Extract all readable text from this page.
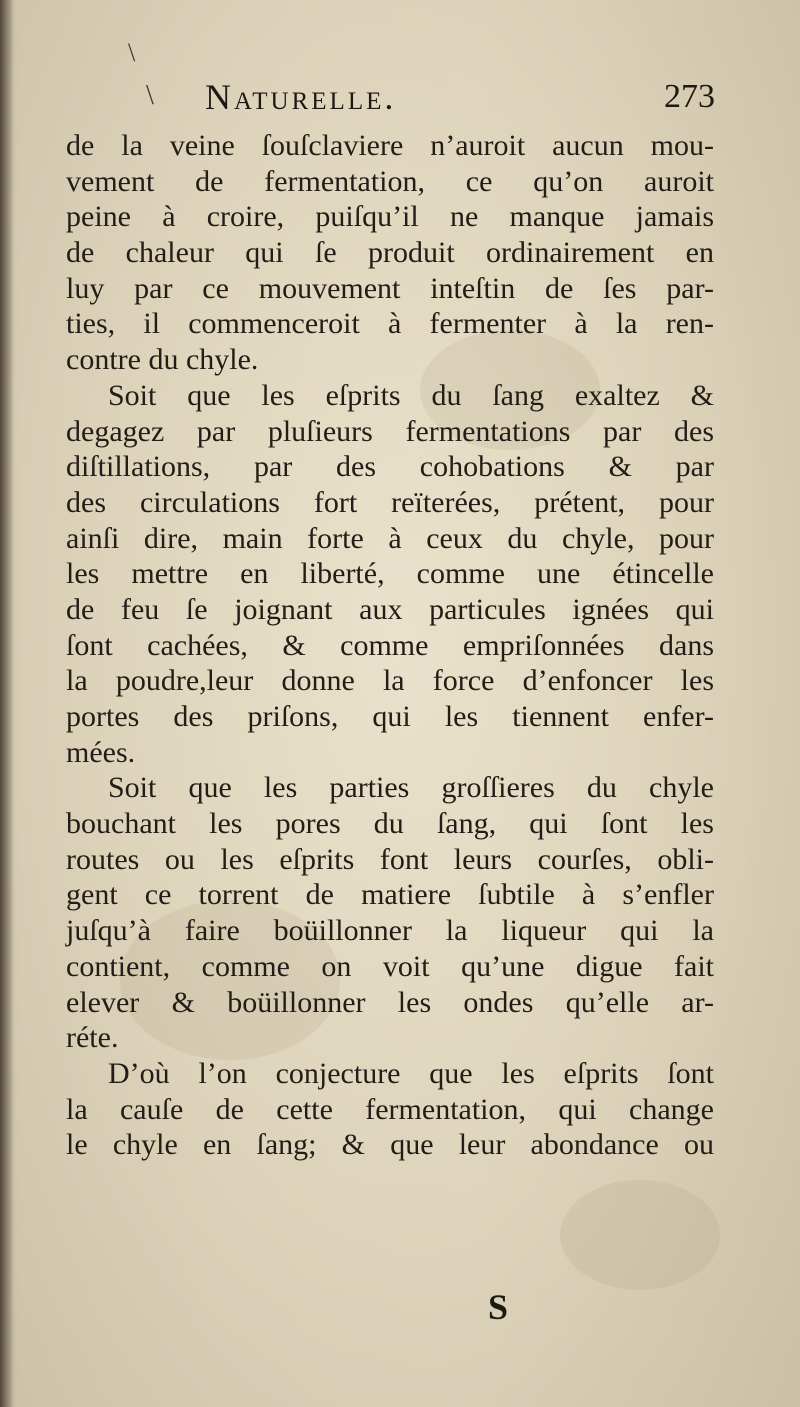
\
\ Naturelle.	273
de la veine ſouſclaviere n’auroit aucun mou-
vement de fermentation, ce qu’on auroit
peine à croire, puiſqu’il ne manque jamais
de chaleur qui ſe produit ordinairement en
luy par ce mouvement inteſtin de ſes par-
ties, il commenceroit à fermenter à la ren-
contre du chyle.
Soit que les eſprits du ſang exaltez &
degagez par pluſieurs fermentations par des
diſtillations, par des cohobations & par
des circulations fort reïterées, prétent, pour
ainſi dire, main forte à ceux du chyle, pour
les mettre en liberté, comme une étincelle
de feu ſe joignant aux particules ignées qui
ſont cachées, & comme empriſonnées dans
la poudre,leur donne la force d’enfoncer les
portes des priſons, qui les tiennent enfer-
mées.
Soit que les parties groſſieres du chyle
bouchant les pores du ſang, qui ſont les
routes ou les eſprits font leurs courſes, obli-
gent ce torrent de matiere ſubtile à s’enfler
juſqu’à faire boüillonner la liqueur qui la
contient, comme on voit qu’une digue fait
elever & boüillonner les ondes qu’elle ar-
réte.
D’où l’on conjecture que les eſprits ſont
la cauſe de cette fermentation, qui change
le chyle en ſang; & que leur abondance ou
S
